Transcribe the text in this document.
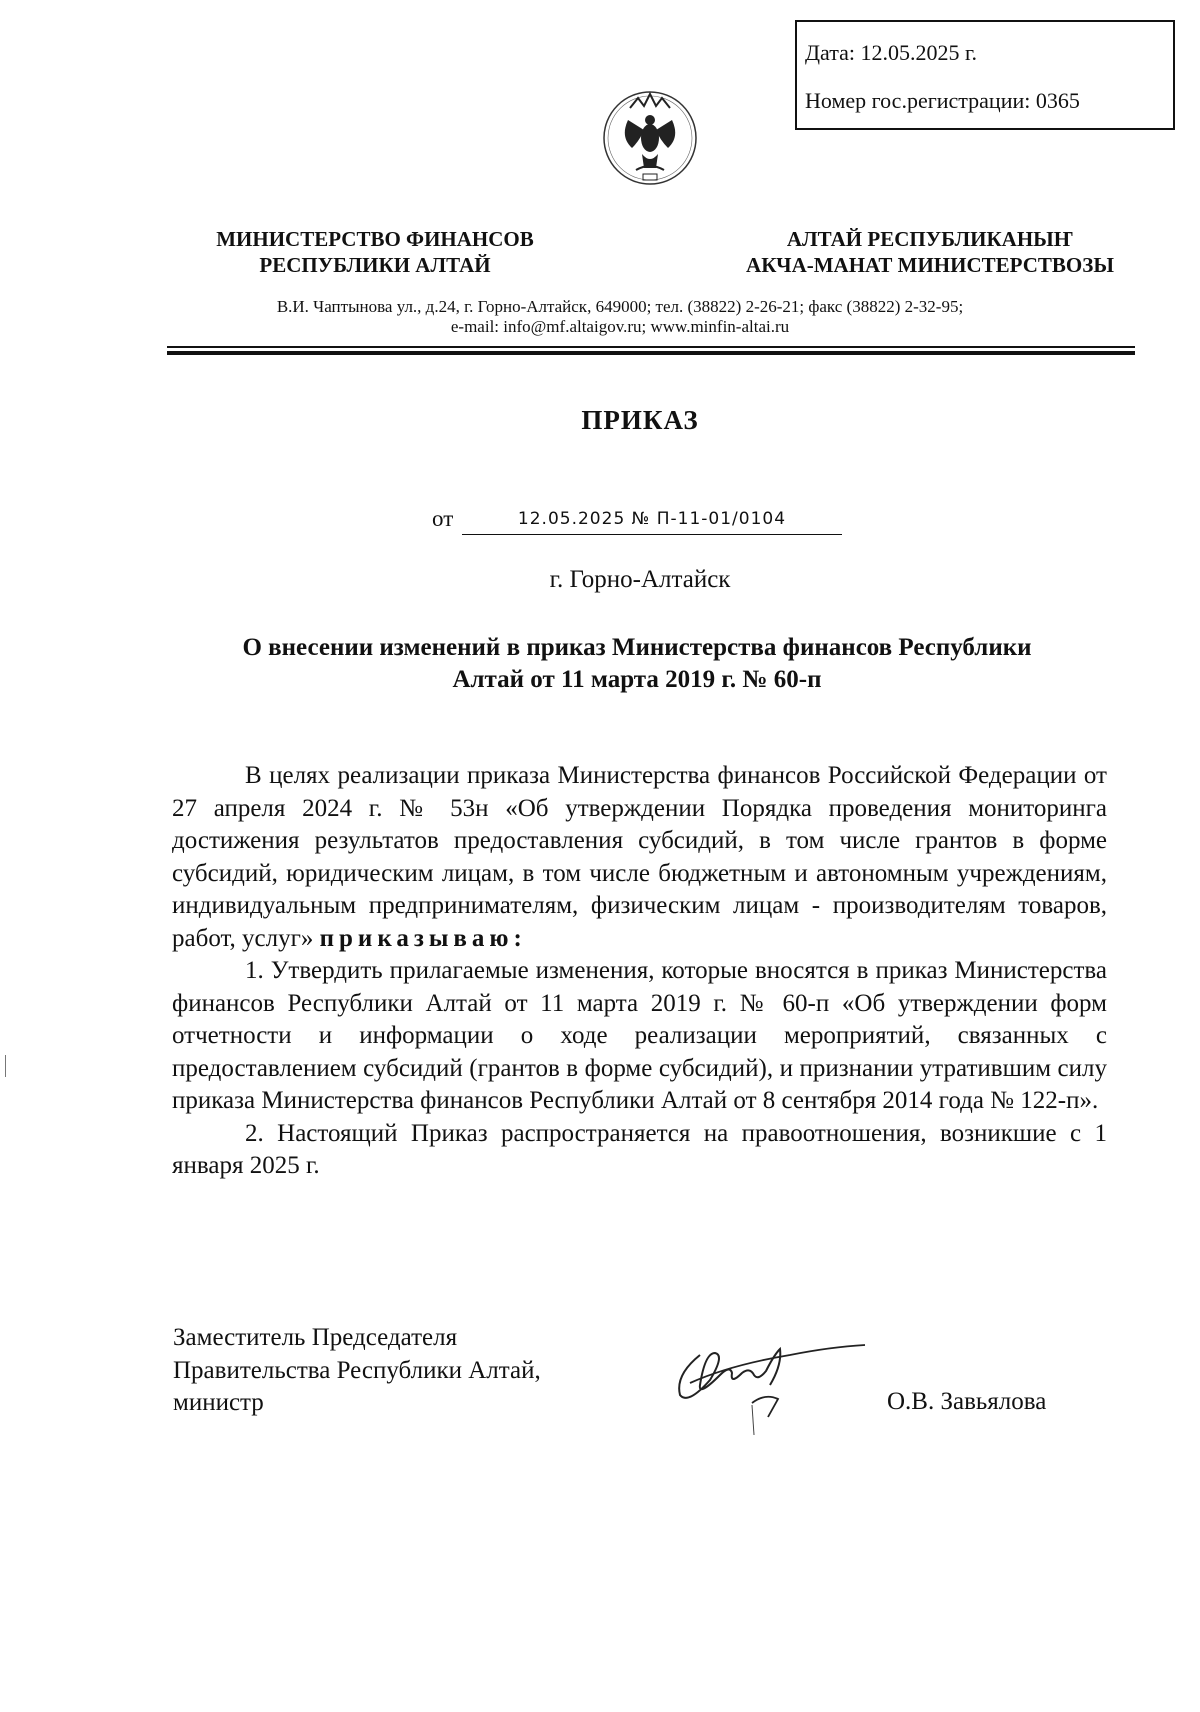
Дата: 12.05.2025 г.
Номер гос.регистрации: 0365
МИНИСТЕРСТВО ФИНАНСОВ
РЕСПУБЛИКИ АЛТАЙ
АЛТАЙ РЕСПУБЛИКАНЫҤ
АКЧА-МАНАТ МИНИСТЕРСТВОЗЫ
В.И. Чаптынова ул., д.24, г. Горно-Алтайск, 649000; тел. (38822) 2-26-21; факс (38822) 2-32-95;
e-mail: info@mf.altaigov.ru; www.minfin-altai.ru
ПРИКАЗ
от	12.05.2025 № П-11-01/0104
г. Горно-Алтайск
О внесении изменений в приказ Министерства финансов Республики
Алтай от 11 марта 2019 г. № 60-п

В целях реализации приказа Министерства финансов Российской Федерации от 27 апреля 2024 г. № 53н «Об утверждении Порядка проведения мониторинга достижения результатов предоставления субсидий, в том числе грантов в форме субсидий, юридическим лицам, в том числе бюджетным и автономным учреждениям, индивидуальным предпринимателям, физическим лицам - производителям товаров, работ, услуг» приказываю:

1. Утвердить прилагаемые изменения, которые вносятся в приказ Министерства финансов Республики Алтай от 11 марта 2019 г. № 60-п «Об утверждении форм отчетности и информации о ходе реализации мероприятий, связанных с предоставлением субсидий (грантов в форме субсидий), и признании утратившим силу приказа Министерства финансов Республики Алтай от 8 сентября 2014 года № 122-п».

2. Настоящий Приказ распространяется на правоотношения, возникшие с 1 января 2025 г.

Заместитель Председателя
Правительства Республики Алтай,
министр	О.В. Завьялова
